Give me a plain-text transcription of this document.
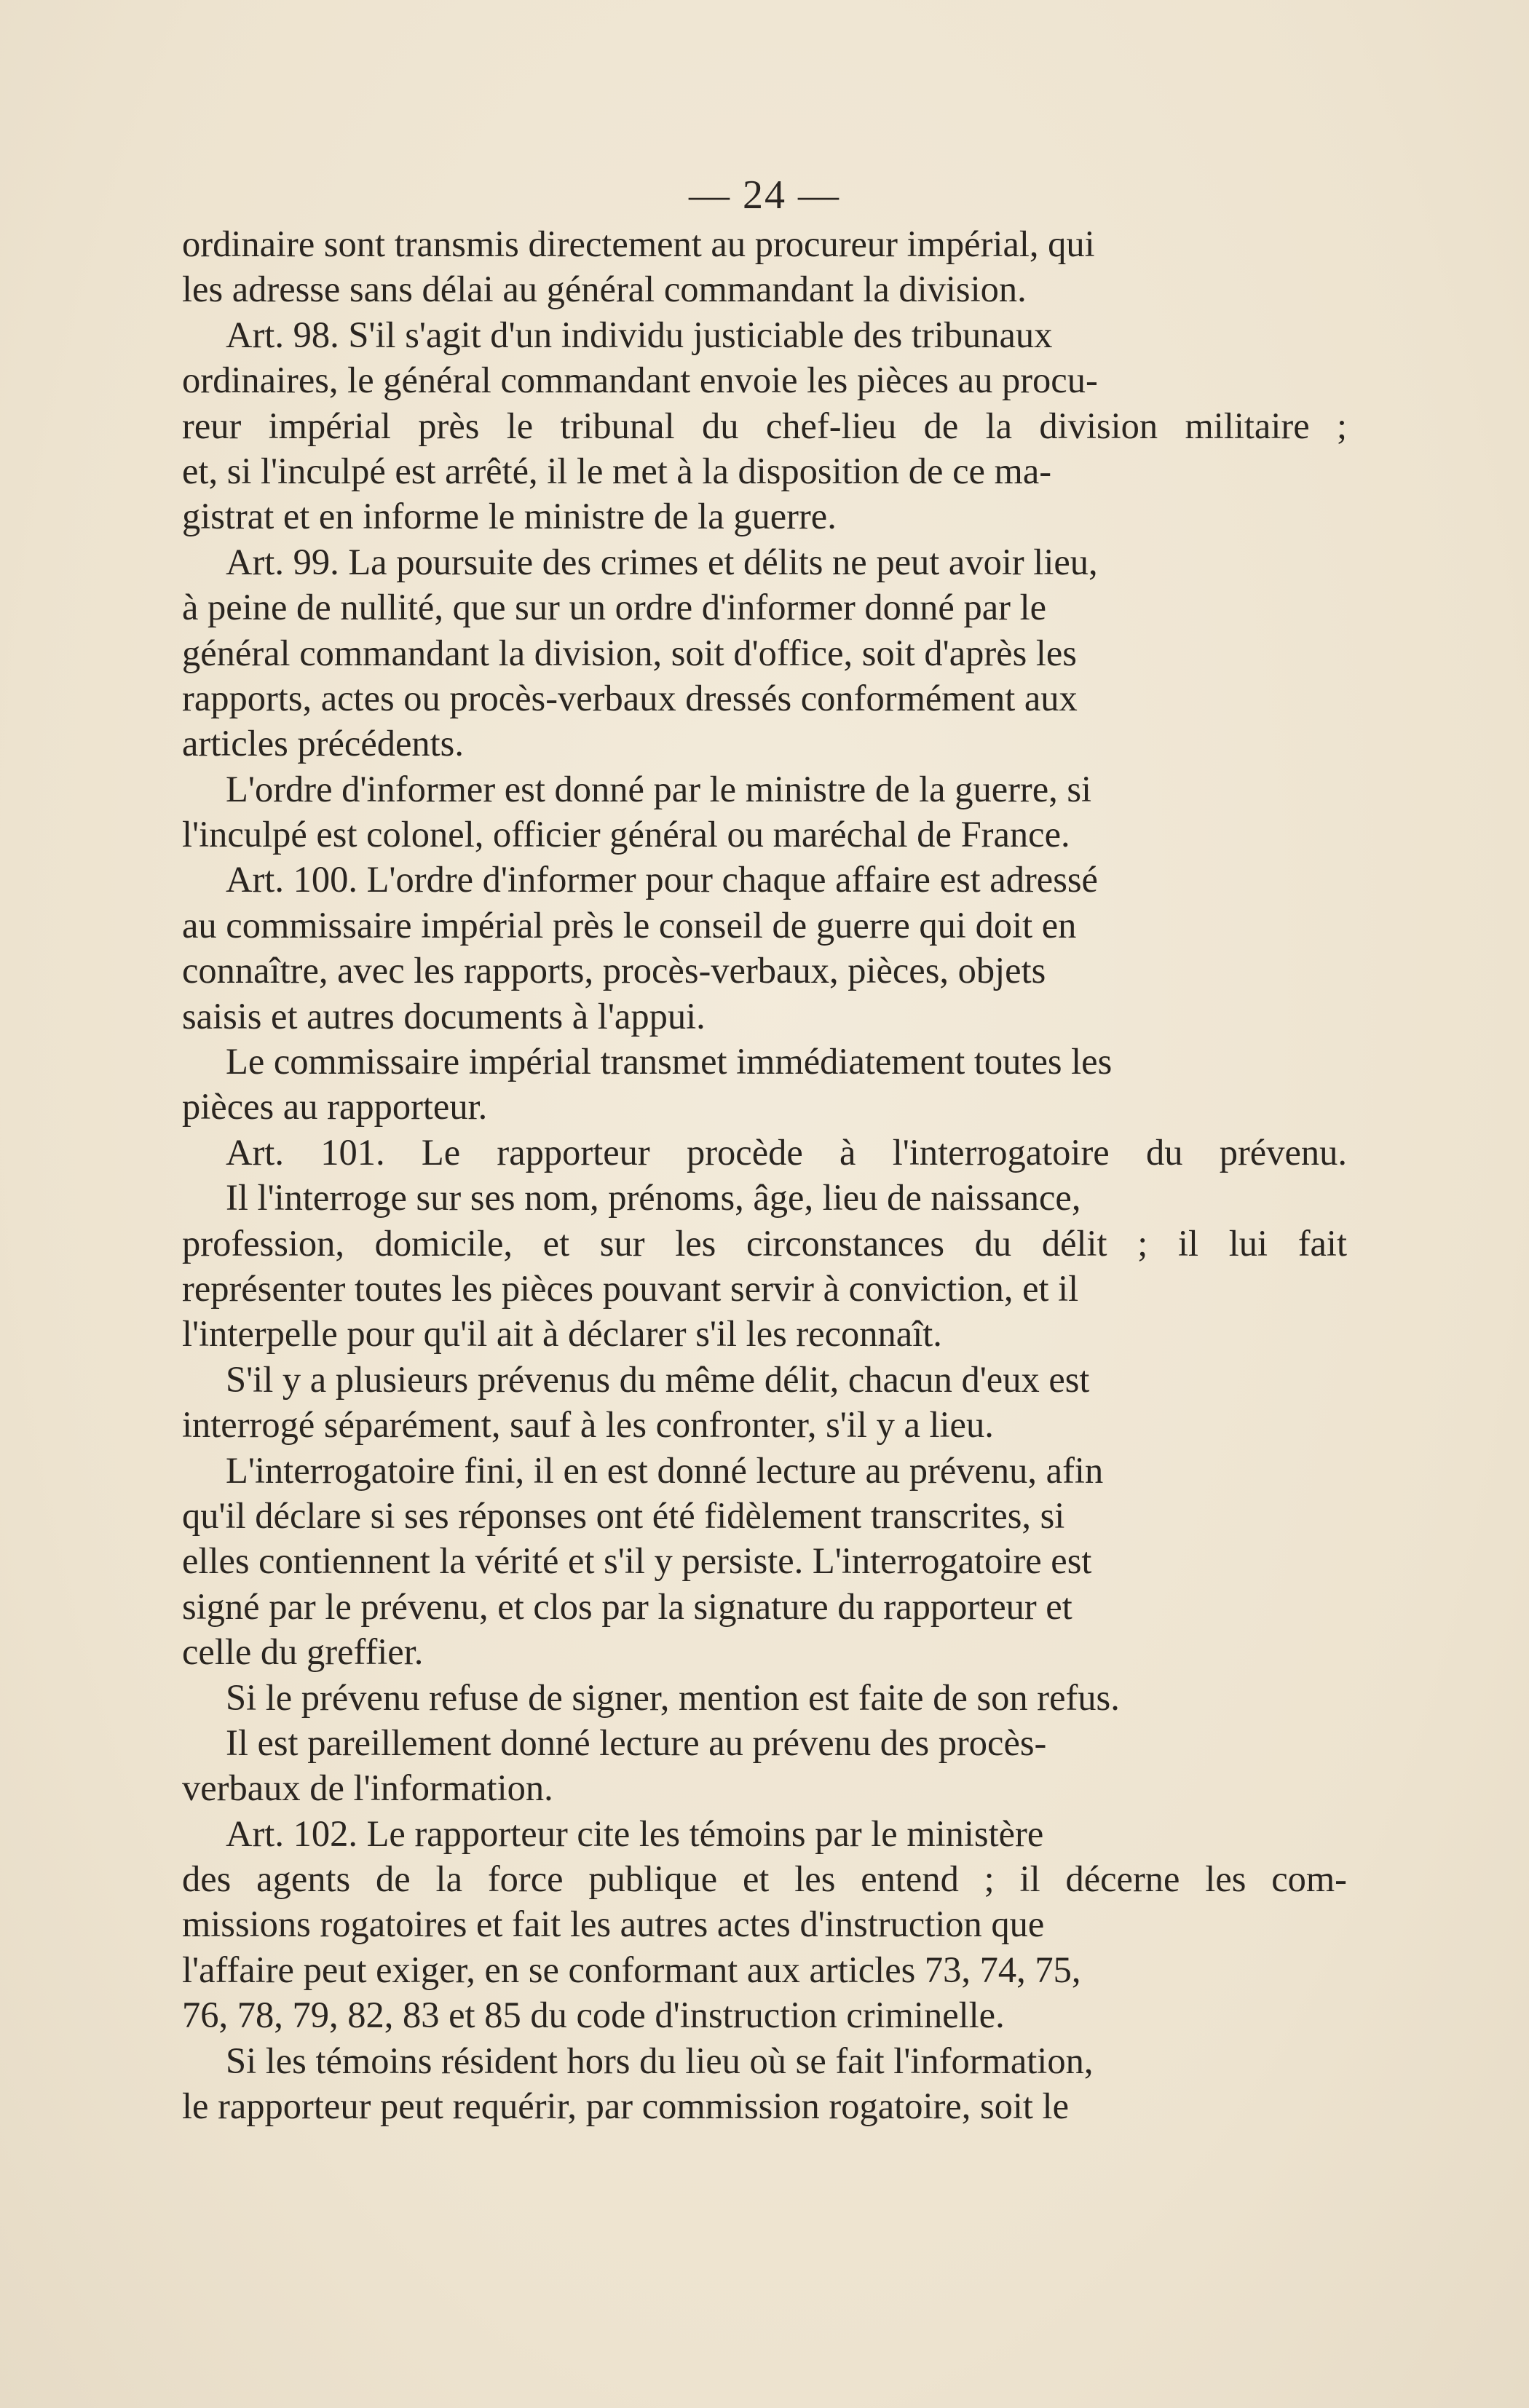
— 24 —
ordinaire sont transmis directement au procureur impérial, qui
les adresse sans délai au général commandant la division.
Art. 98. S'il s'agit d'un individu justiciable des tribunaux
ordinaires, le général commandant envoie les pièces au procu-
reur impérial près le tribunal du chef-lieu de la division militaire ;
et, si l'inculpé est arrêté, il le met à la disposition de ce ma-
gistrat et en informe le ministre de la guerre.
Art. 99. La poursuite des crimes et délits ne peut avoir lieu,
à peine de nullité, que sur un ordre d'informer donné par le
général commandant la division, soit d'office, soit d'après les
rapports, actes ou procès-verbaux dressés conformément aux
articles précédents.
L'ordre d'informer est donné par le ministre de la guerre, si
l'inculpé est colonel, officier général ou maréchal de France.
Art. 100. L'ordre d'informer pour chaque affaire est adressé
au commissaire impérial près le conseil de guerre qui doit en
connaître, avec les rapports, procès-verbaux, pièces, objets
saisis et autres documents à l'appui.
Le commissaire impérial transmet immédiatement toutes les
pièces au rapporteur.
Art. 101. Le rapporteur procède à l'interrogatoire du prévenu.
Il l'interroge sur ses nom, prénoms, âge, lieu de naissance,
profession, domicile, et sur les circonstances du délit ; il lui fait
représenter toutes les pièces pouvant servir à conviction, et il
l'interpelle pour qu'il ait à déclarer s'il les reconnaît.
S'il y a plusieurs prévenus du même délit, chacun d'eux est
interrogé séparément, sauf à les confronter, s'il y a lieu.
L'interrogatoire fini, il en est donné lecture au prévenu, afin
qu'il déclare si ses réponses ont été fidèlement transcrites, si
elles contiennent la vérité et s'il y persiste. L'interrogatoire est
signé par le prévenu, et clos par la signature du rapporteur et
celle du greffier.
Si le prévenu refuse de signer, mention est faite de son refus.
Il est pareillement donné lecture au prévenu des procès-
verbaux de l'information.
Art. 102. Le rapporteur cite les témoins par le ministère
des agents de la force publique et les entend ; il décerne les com-
missions rogatoires et fait les autres actes d'instruction que
l'affaire peut exiger, en se conformant aux articles 73, 74, 75,
76, 78, 79, 82, 83 et 85 du code d'instruction criminelle.
Si les témoins résident hors du lieu où se fait l'information,
le rapporteur peut requérir, par commission rogatoire, soit le
